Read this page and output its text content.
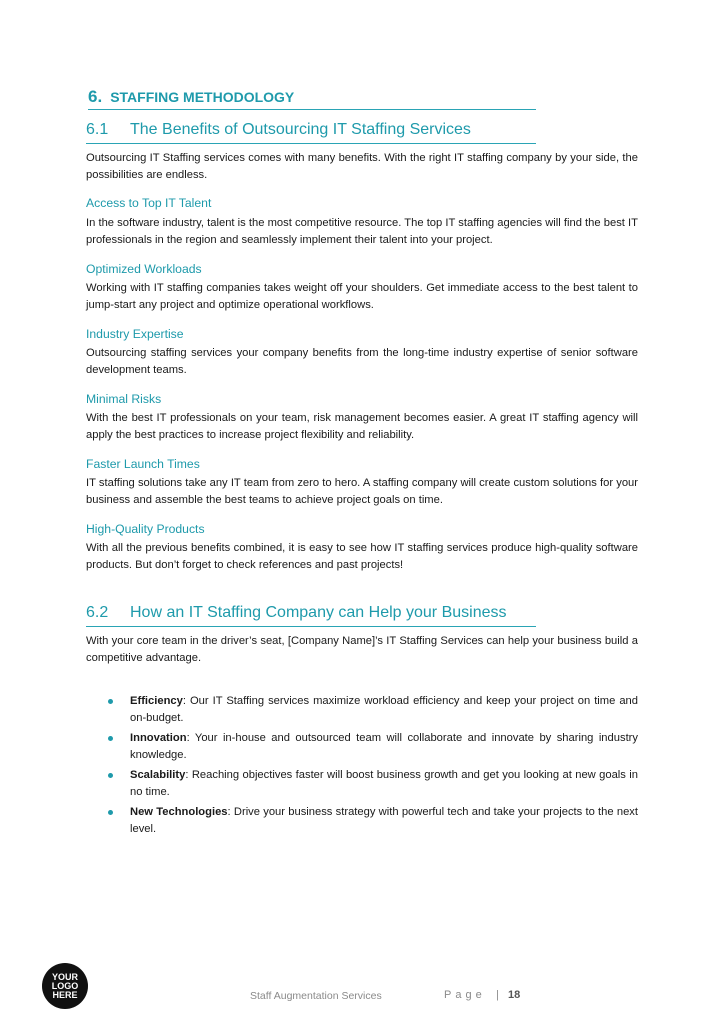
6. STAFFING METHODOLOGY
6.1 The Benefits of Outsourcing IT Staffing Services

Outsourcing IT Staffing services comes with many benefits. With the right IT staffing company by your side, the possibilities are endless.

Access to Top IT Talent

In the software industry, talent is the most competitive resource. The top IT staffing agencies will find the best IT professionals in the region and seamlessly implement their talent into your project.

Optimized Workloads

Working with IT staffing companies takes weight off your shoulders. Get immediate access to the best talent to jump-start any project and optimize operational workflows.

Industry Expertise

Outsourcing staffing services your company benefits from the long-time industry expertise of senior software development teams.

Minimal Risks

With the best IT professionals on your team, risk management becomes easier. A great IT staffing agency will apply the best practices to increase project flexibility and reliability.

Faster Launch Times

IT staffing solutions take any IT team from zero to hero. A staffing company will create custom solutions for your business and assemble the best teams to achieve project goals on time.

High-Quality Products

With all the previous benefits combined, it is easy to see how IT staffing services produce high-quality software products. But don’t forget to check references and past projects!

6.2 How an IT Staffing Company can Help your Business

With your core team in the driver’s seat, [Company Name]’s IT Staffing Services can help your business build a competitive advantage.

Efficiency: Our IT Staffing services maximize workload efficiency and keep your project on time and on-budget.
Innovation: Your in-house and outsourced team will collaborate and innovate by sharing industry knowledge.
Scalability: Reaching objectives faster will boost business growth and get you looking at new goals in no time.
New Technologies: Drive your business strategy with powerful tech and take your projects to the next level.
YOUR
LOGO
HERE	Staff Augmentation Services	Page | 18
